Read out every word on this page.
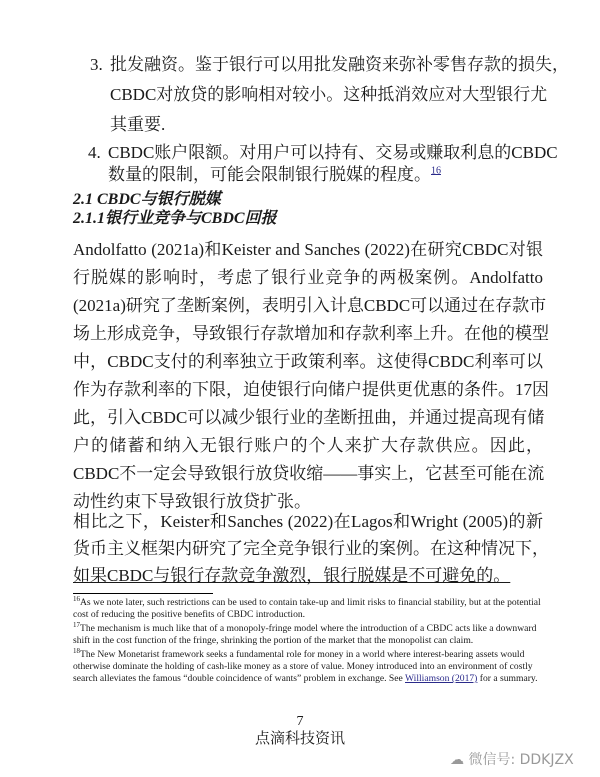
3. 批发融资。鉴于银行可以用批发融资来弥补零售存款的损失，
CBDC对放贷的影响相对较小。这种抵消效应对大型银行尤
其重要.
4. CBDC账户限额。对用户可以持有、交易或赚取利息的CBDC
数量的限制，可能会限制银行脱媒的程度。$^{16}$
2.1 CBDC与银行脱媒
2.1.1银行业竞争与CBDC回报
Andolfatto (2021a)和Keister and Sanches (2022)在研究CBDC对银
行脱媒的影响时，考虑了银行业竞争的两极案例。Andolfatto
(2021a)研究了垄断案例，表明引入计息CBDC可以通过在存款市
场上形成竞争，导致银行存款增加和存款利率上升。在他的模型
中，CBDC支付的利率独立于政策利率。这使得CBDC利率可以
作为存款利率的下限，迫使银行向储户提供更优惠的条件。17因
此，引入CBDC可以减少银行业的垄断扭曲，并通过提高现有储
户的储蓄和纳入无银行账户的个人来扩大存款供应。因此，
CBDC不一定会导致银行放贷收缩——事实上，它甚至可能在流
动性约束下导致银行放贷扩张。
相比之下，Keister和Sanches (2022)在Lagos和Wright (2005)的新
货币主义框架内研究了完全竞争银行业的案例。在这种情况下，
如果CBDC与银行存款竞争激烈，银行脱媒是不可避免的。
$^{16}$As we note later, such restrictions can be used to contain take-up and limit risks to financial stability, but at the potential cost of reducing the positive benefits of CBDC introduction.
$^{17}$The mechanism is much like that of a monopoly-fringe model where the introduction of a CBDC acts like a downward shift in the cost function of the fringe, shrinking the portion of the market that the monopolist can claim.
$^{18}$The New Monetarist framework seeks a fundamental role for money in a world where interest-bearing assets would otherwise dominate the holding of cash-like money as a store of value. Money introduced into an environment of costly search alleviates the famous “double coincidence of wants” problem in exchange. See Williamson (2017) for a summary.
7
点滴科技资讯
☁ 微信号: DDKJZX
